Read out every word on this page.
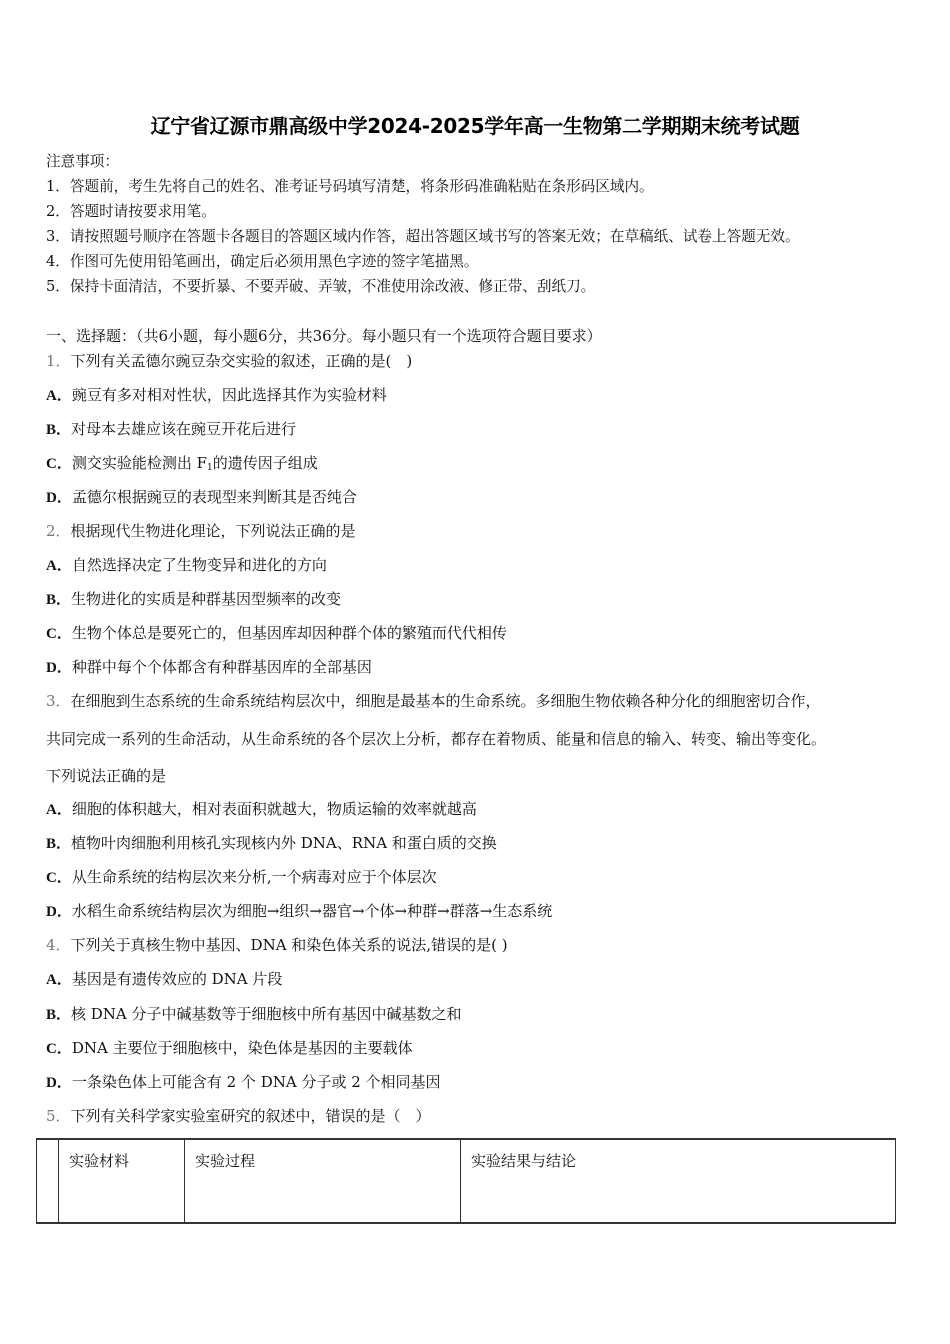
辽宁省辽源市鼎高级中学2024-2025学年高一生物第二学期期末统考试题
注意事项：
1．答题前，考生先将自己的姓名、准考证号码填写清楚，将条形码准确粘贴在条形码区域内。
2．答题时请按要求用笔。
3．请按照题号顺序在答题卡各题目的答题区域内作答，超出答题区域书写的答案无效；在草稿纸、试卷上答题无效。
4．作图可先使用铅笔画出，确定后必须用黑色字迹的签字笔描黑。
5．保持卡面清洁，不要折暴、不要弄破、弄皱，不准使用涂改液、修正带、刮纸刀。
一、选择题：（共6小题，每小题6分，共36分。每小题只有一个选项符合题目要求）
1．下列有关孟德尔豌豆杂交实验的叙述，正确的是(　)
A．豌豆有多对相对性状，因此选择其作为实验材料
B．对母本去雄应该在豌豆开花后进行
C．测交实验能检测出 $F_1$的遗传因子组成
D．孟德尔根据豌豆的表现型来判断其是否纯合
2．根据现代生物进化理论，下列说法正确的是
A．自然选择决定了生物变异和进化的方向
B．生物进化的实质是种群基因型频率的改变
C．生物个体总是要死亡的，但基因库却因种群个体的繁殖而代代相传
D．种群中每个个体都含有种群基因库的全部基因
3．在细胞到生态系统的生命系统结构层次中，细胞是最基本的生命系统。多细胞生物依赖各种分化的细胞密切合作，
共同完成一系列的生命活动，从生命系统的各个层次上分析，都存在着物质、能量和信息的输入、转变、输出等变化。
下列说法正确的是
A．细胞的体积越大，相对表面积就越大，物质运输的效率就越高
B．植物叶肉细胞利用核孔实现核内外 DNA、RNA 和蛋白质的交换
C．从生命系统的结构层次来分析,一个病毒对应于个体层次
D．水稻生命系统结构层次为细胞→组织→器官→个体→种群→群落→生态系统
4．下列关于真核生物中基因、DNA 和染色体关系的说法,错误的是( )
A．基因是有遗传效应的 DNA 片段
B．核 DNA 分子中碱基数等于细胞核中所有基因中碱基数之和
C．DNA 主要位于细胞核中，染色体是基因的主要载体
D．一条染色体上可能含有 2 个 DNA 分子或 2 个相同基因
5．下列有关科学家实验室研究的叙述中，错误的是（　）
	实验材料	实验过程	实验结果与结论
